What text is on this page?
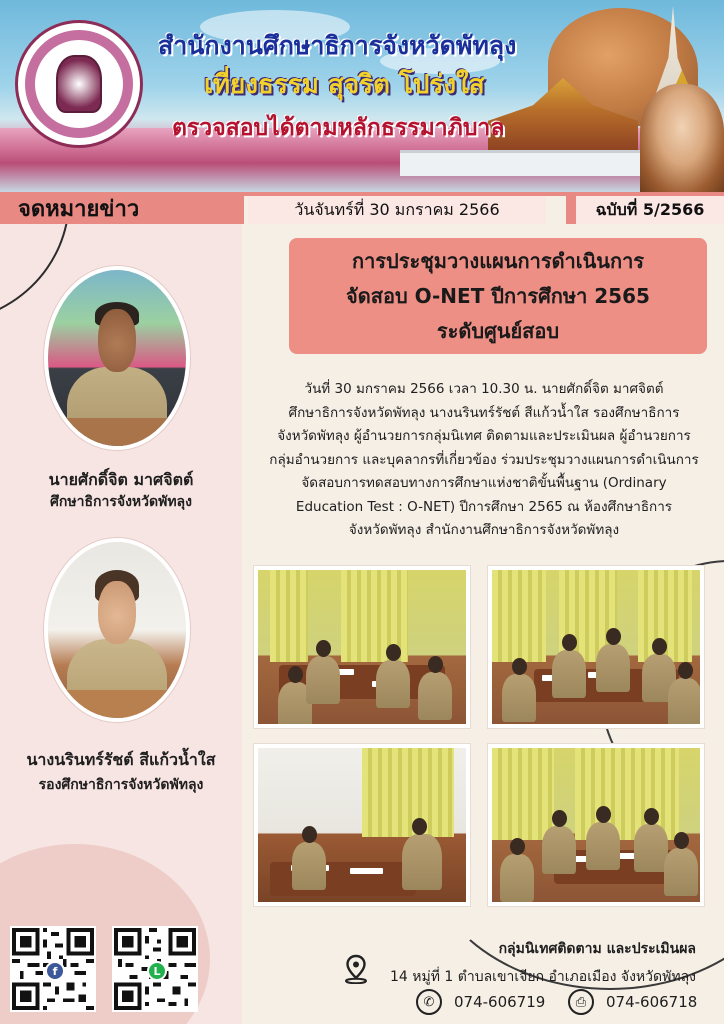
สำนักงานศึกษาธิการจังหวัดพัทลุง
เที่ยงธรรม สุจริต โปร่งใส
ตรวจสอบได้ตามหลักธรรมาภิบาล
จดหมายข่าว	วันจันทร์ที่ 30 มกราคม 2566	ฉบับที่ 5/2566
นายศักดิ์จิต มาศจิตต์
ศึกษาธิการจังหวัดพัทลุง
นางนรินทร์รัชต์ สีแก้วน้ำใส
รองศึกษาธิการจังหวัดพัทลุง
f	L
การประชุมวางแผนการดำเนินการ
จัดสอบ O-NET ปีการศึกษา 2565
ระดับศูนย์สอบ
วันที่ 30 มกราคม 2566 เวลา 10.30 น. นายศักดิ์จิต มาศจิตต์
ศึกษาธิการจังหวัดพัทลุง นางนรินทร์รัชต์ สีแก้วน้ำใส รองศึกษาธิการ
จังหวัดพัทลุง ผู้อำนวยการกลุ่มนิเทศ ติดตามและประเมินผล ผู้อำนวยการ
กลุ่มอำนวยการ และบุคลากรที่เกี่ยวข้อง ร่วมประชุมวางแผนการดำเนินการ
จัดสอบการทดสอบทางการศึกษาแห่งชาติขั้นพื้นฐาน (Ordinary
Education Test : O-NET) ปีการศึกษา 2565 ณ ห้องศึกษาธิการ
จังหวัดพัทลุง สำนักงานศึกษาธิการจังหวัดพัทลุง
กลุ่มนิเทศติดตาม และประเมินผล
14 หมู่ที่ 1 ตำบลเขาเจียก อำเภอเมือง จังหวัดพัทลุง
✆	074-606719	⎙	074-606718
